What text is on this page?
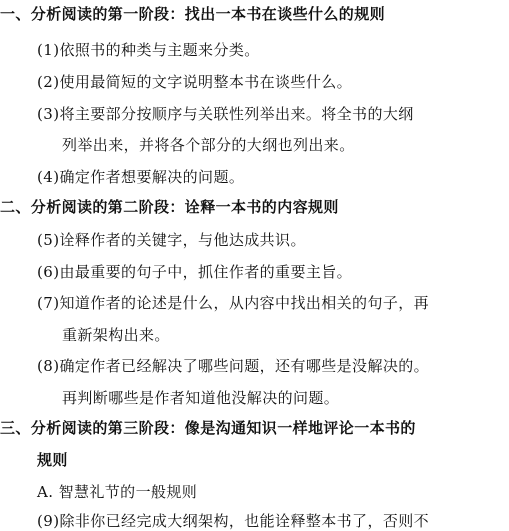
一、分析阅读的第一阶段：找出一本书在谈些什么的规则
(1)依照书的种类与主题来分类。
(2)使用最简短的文字说明整本书在谈些什么。
(3)将主要部分按顺序与关联性列举出来。将全书的大纲
列举出来，并将各个部分的大纲也列出来。
(4)确定作者想要解决的问题。
二、分析阅读的第二阶段：诠释一本书的内容规则
(5)诠释作者的关键字，与他达成共识。
(6)由最重要的句子中，抓住作者的重要主旨。
(7)知道作者的论述是什么，从内容中找出相关的句子，再
重新架构出来。
(8)确定作者已经解决了哪些问题，还有哪些是没解决的。
再判断哪些是作者知道他没解决的问题。
三、分析阅读的第三阶段：像是沟通知识一样地评论一本书的
规则
A. 智慧礼节的一般规则
(9)除非你已经完成大纲架构，也能诠释整本书了，否则不
